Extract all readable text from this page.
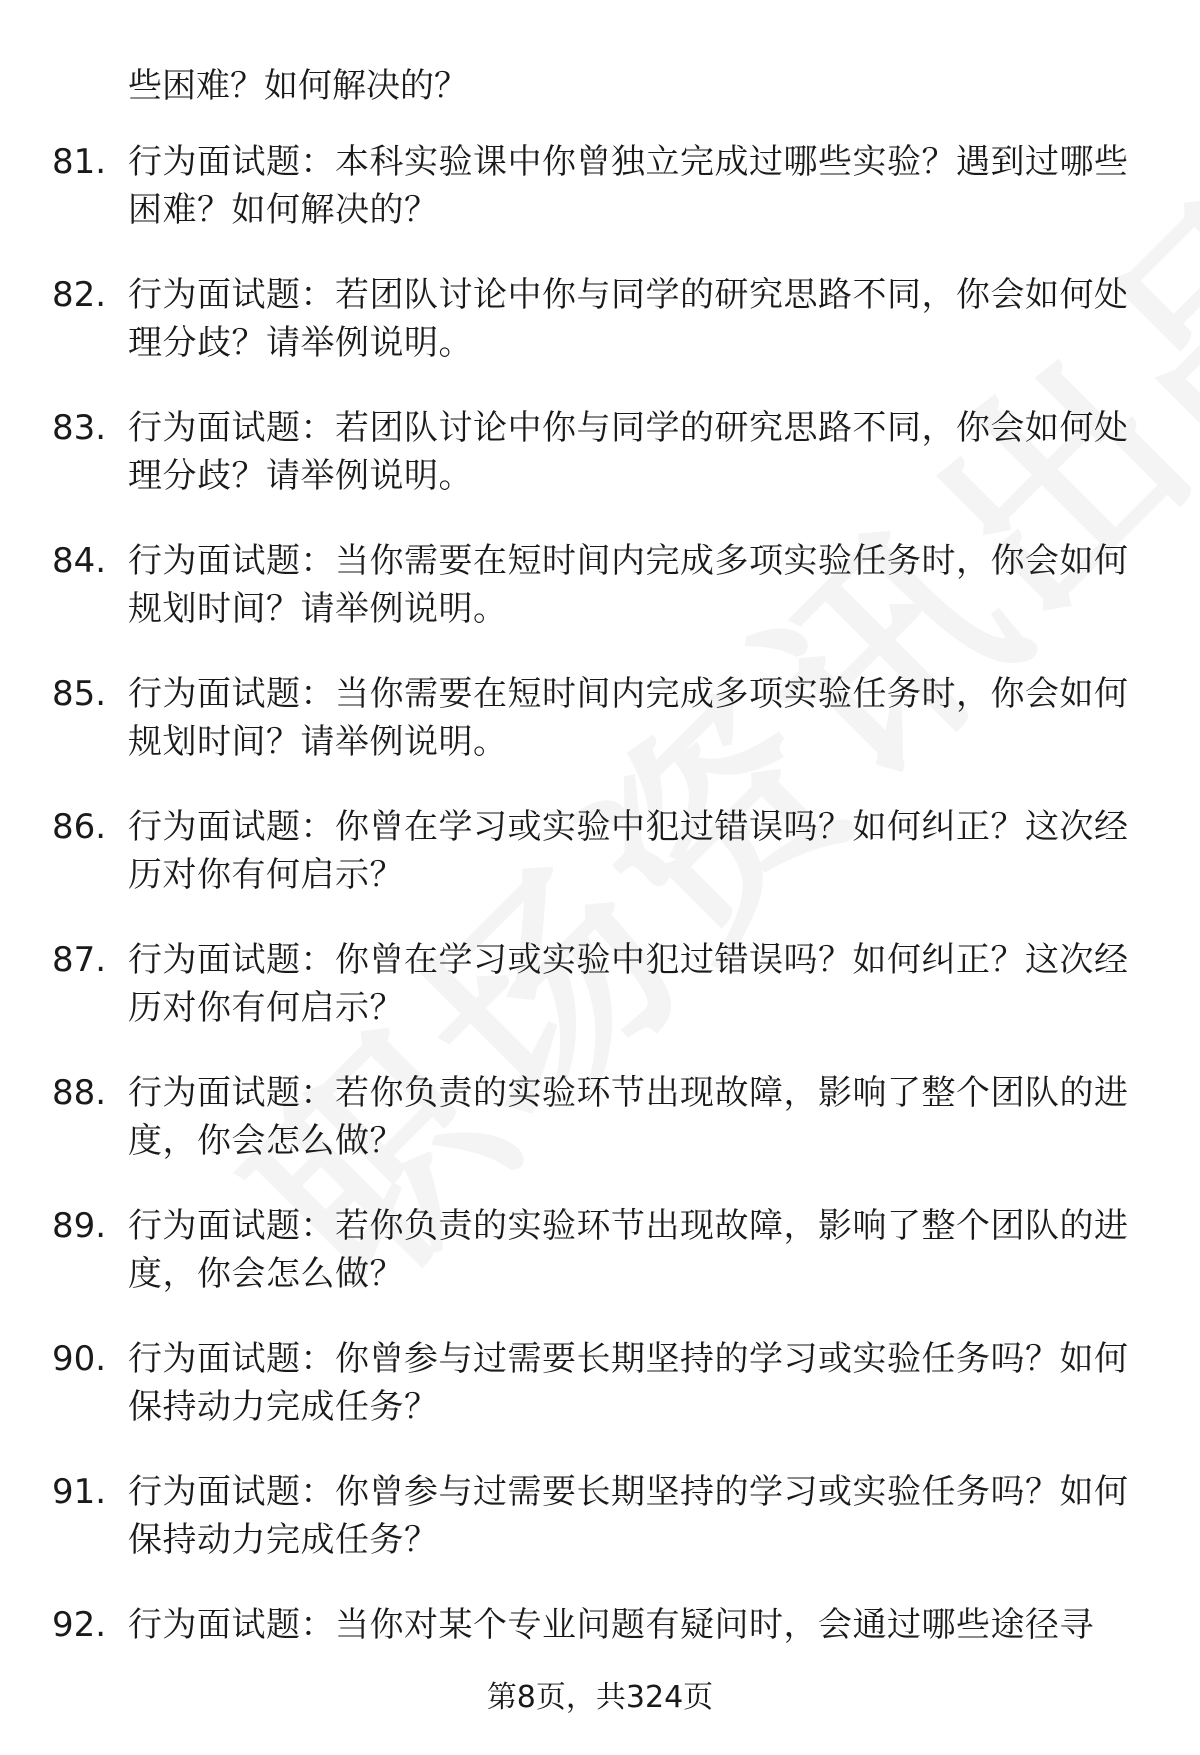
些困难？如何解决的？
81. 行为面试题：本科实验课中你曾独立完成过哪些实验？遇到过哪些困难？如何解决的？
82. 行为面试题：若团队讨论中你与同学的研究思路不同，你会如何处理分歧？请举例说明。
83. 行为面试题：若团队讨论中你与同学的研究思路不同，你会如何处理分歧？请举例说明。
84. 行为面试题：当你需要在短时间内完成多项实验任务时，你会如何规划时间？请举例说明。
85. 行为面试题：当你需要在短时间内完成多项实验任务时，你会如何规划时间？请举例说明。
86. 行为面试题：你曾在学习或实验中犯过错误吗？如何纠正？这次经历对你有何启示？
87. 行为面试题：你曾在学习或实验中犯过错误吗？如何纠正？这次经历对你有何启示？
88. 行为面试题：若你负责的实验环节出现故障，影响了整个团队的进度，你会怎么做？
89. 行为面试题：若你负责的实验环节出现故障，影响了整个团队的进度，你会怎么做？
90. 行为面试题：你曾参与过需要长期坚持的学习或实验任务吗？如何保持动力完成任务？
91. 行为面试题：你曾参与过需要长期坚持的学习或实验任务吗？如何保持动力完成任务？
92. 行为面试题：当你对某个专业问题有疑问时，会通过哪些途径寻
第8页，共324页
